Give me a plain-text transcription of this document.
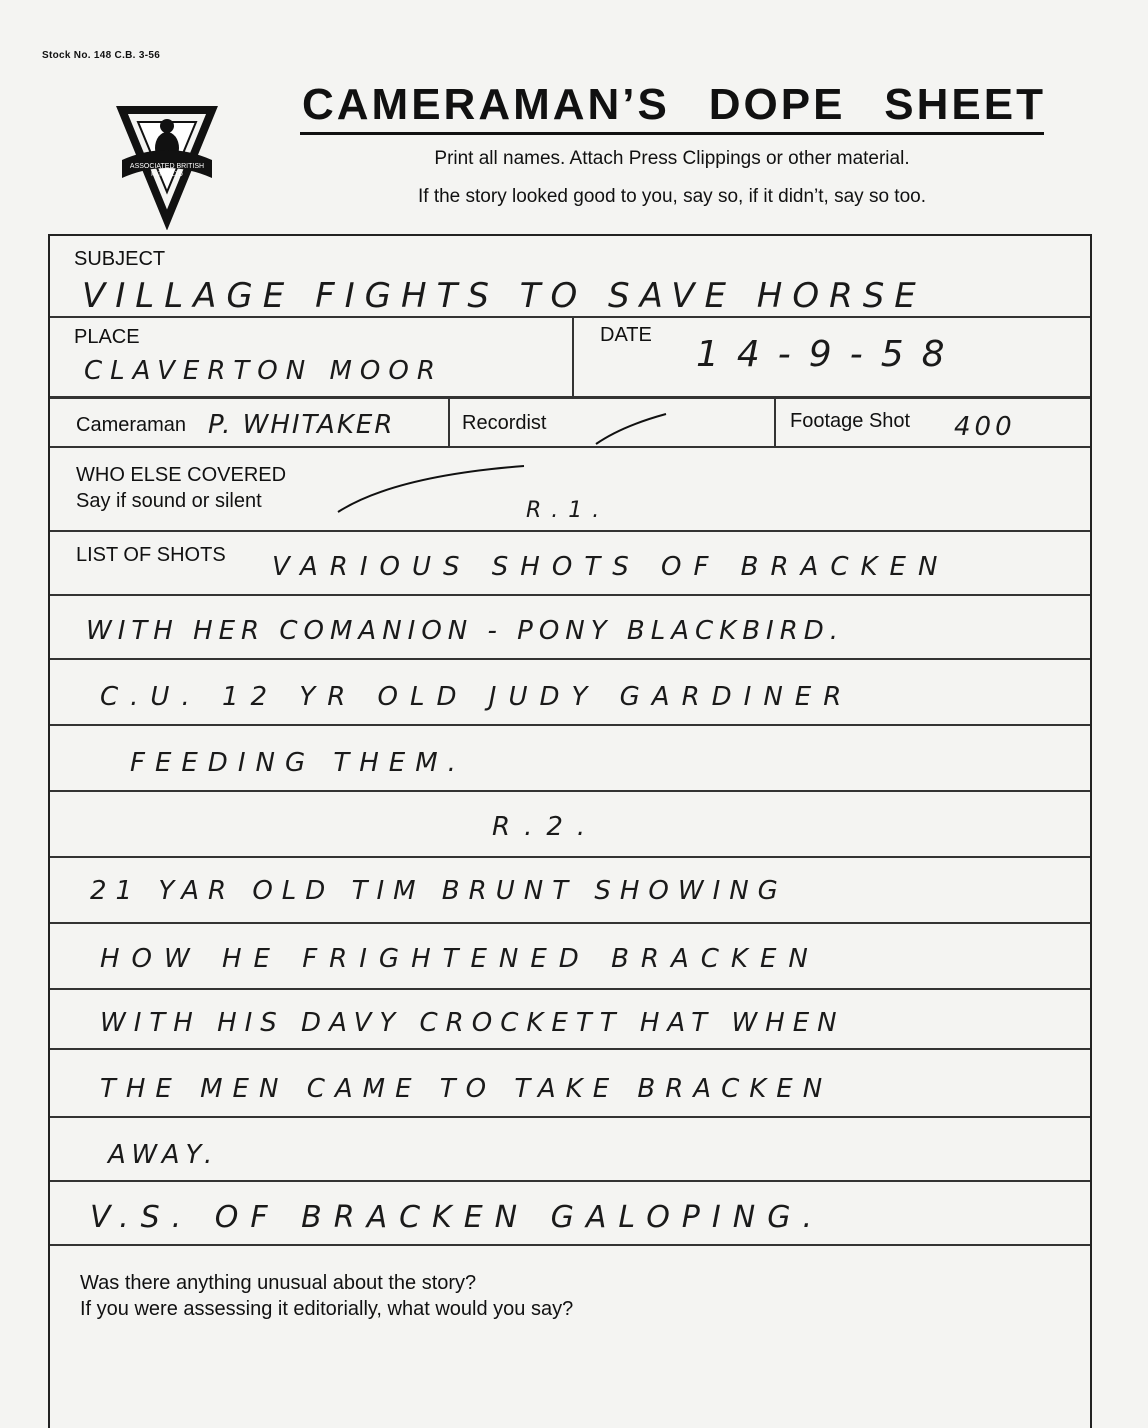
Stock No. 148 C.B. 3-56
ASSOCIATED BRITISH
PATHE LTD
CAMERAMAN’S DOPE SHEET
Print all names. Attach Press Clippings or other material.
If the story looked good to you, say so, if it didn’t, say so too.
SUBJECT
VILLAGE FIGHTS TO SAVE HORSE
PLACE
CLAVERTON MOOR
DATE 14-9-58
Cameraman P. WHITAKER	Recordist	Footage Shot 400
WHO ELSE COVERED
Say if sound or silent	R.1.
LIST OF SHOTS VARIOUS SHOTS OF BRACKEN
WITH HER COMANION - PONY BLACKBIRD.
C.U. 12 YR OLD JUDY GARDINER
FEEDING THEM.
R.2.
21 YAR OLD TIM BRUNT SHOWING
HOW HE FRIGHTENED BRACKEN
WITH HIS DAVY CROCKETT HAT WHEN
THE MEN CAME TO TAKE BRACKEN
AWAY.
V.S. OF BRACKEN GALOPING.
Was there anything unusual about the story?
If you were assessing it editorially, what would you say?
